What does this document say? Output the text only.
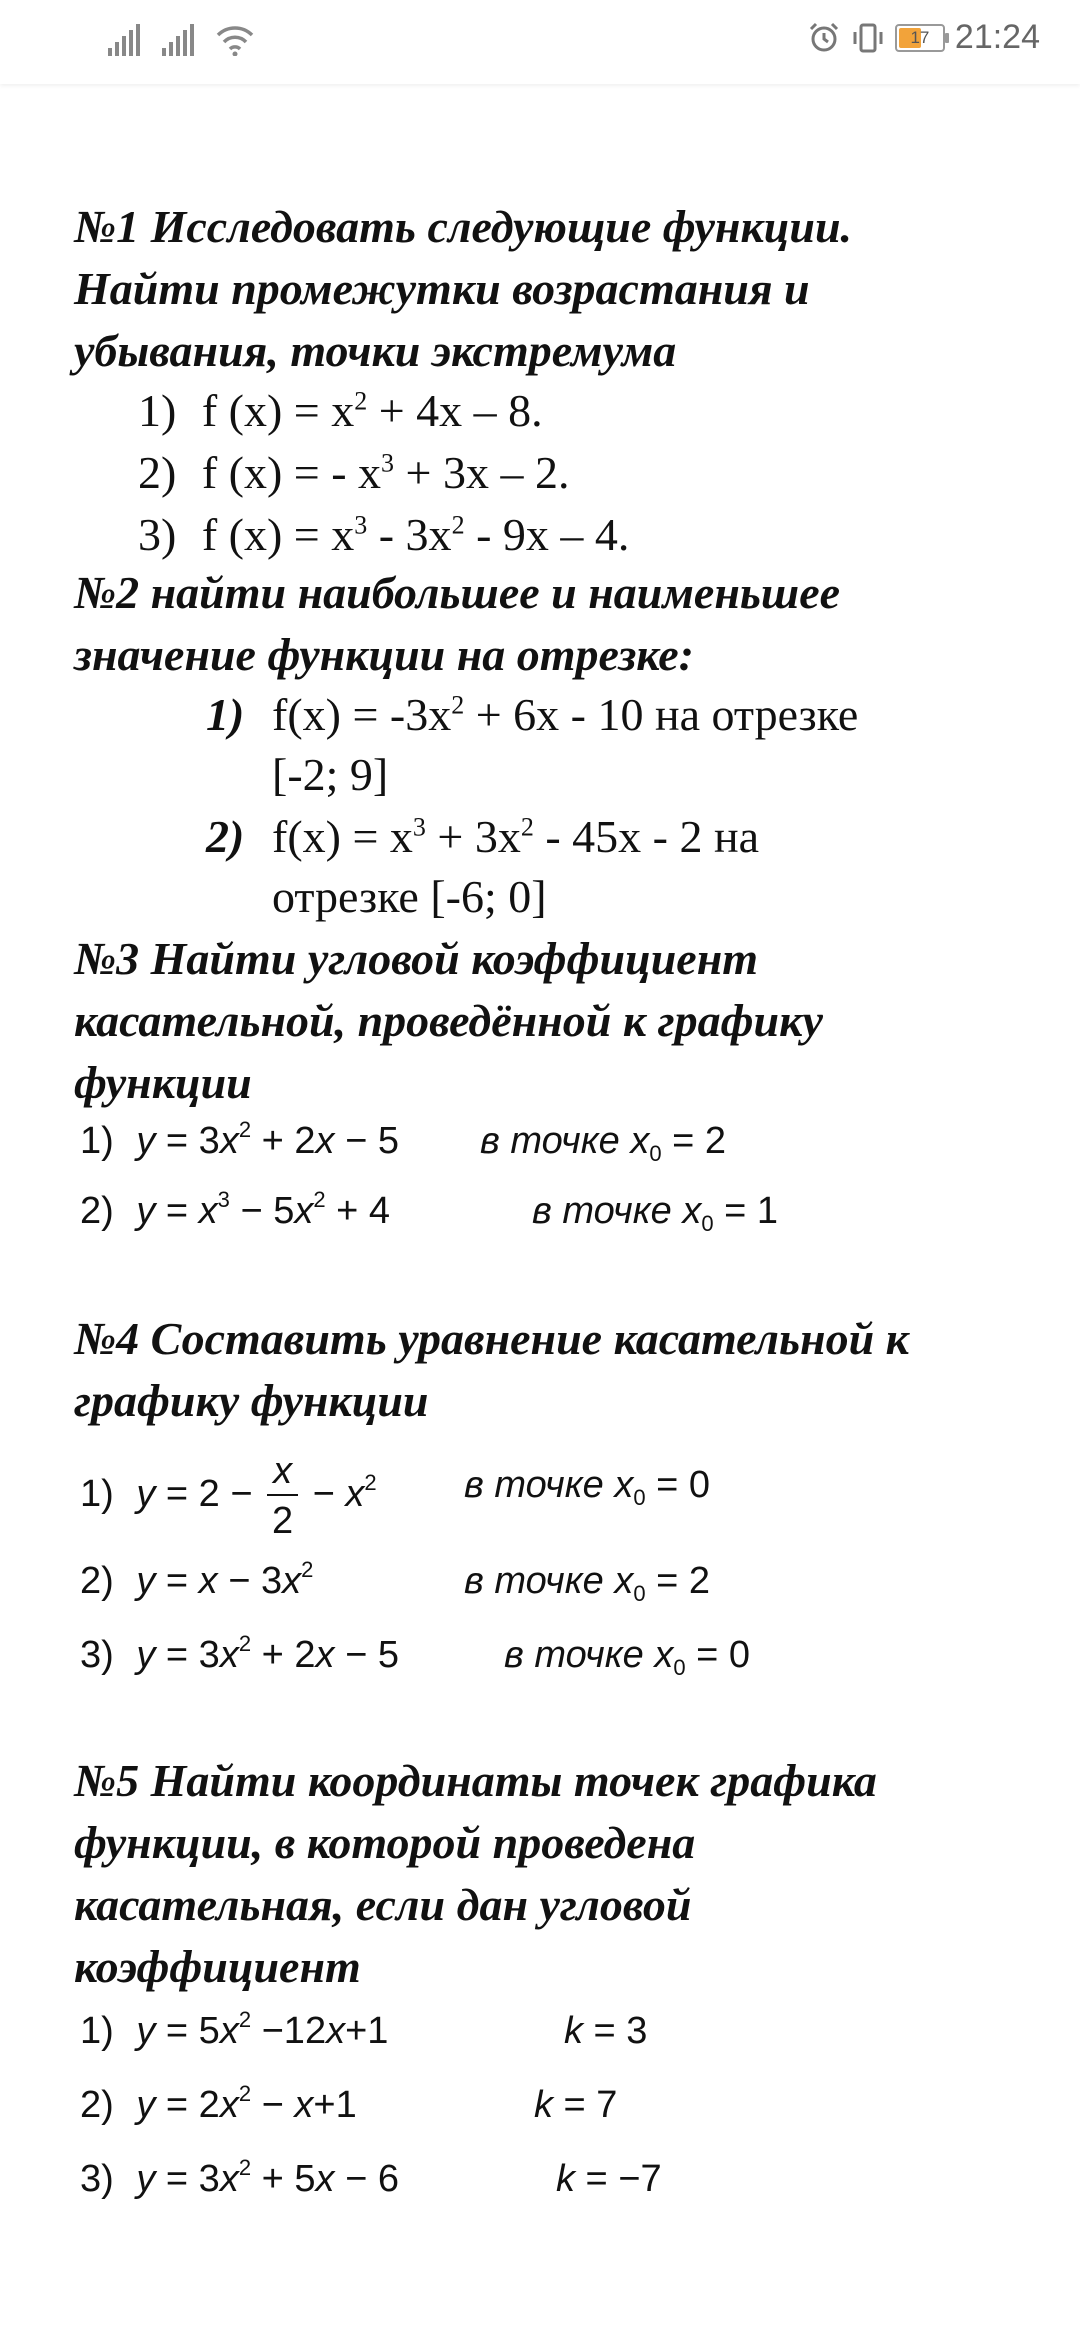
17 21:24
№1 Исследовать следующие функции.
Найти промежутки возрастания и
убывания, точки экстремума
1) f $(x) = x^2 + 4x - 8$.
2) f (x) = - $x^3 + 3x - 2$.
3) f $(x) = x^3 - 3x^2 - 9x - 4$.
№2 найти наибольшее и наименьшее
значение функции на отрезке:
1) $f(x) = -3x^2 + 6x - 10$ на отрезке
[-2; 9]
2) $f(x) = x^3 + 3x^2 - 45x - 2$ на
отрезке [-6; 0]
№3 Найти угловой коэффициент
касательной, проведённой к графику
функции
1) $y = 3x^2 + 2x - 5$ в точке $x_0 = 2$
2) $y = x^3 - 5x^2 + 4$	в точке $x_0 = 1$
№4 Составить уравнение касательной к
графику функции
1) $y = 2 - \frac{x}{2} - x^2$ в точке $x_0 = 0$
2) $y = x - 3x^2$	в точке $x_0 = 2$
3) $y = 3x^2 + 2x - 5$	в точке $x_0 = 0$
№5 Найти координаты точек графика
функции, в которой проведена
касательная, если дан угловой
коэффициент
1) $y = 5x^2 -12x+1$	k = 3
2) $y = 2x^2 - x+1$	k = 7
3) $y = 3x^2 + 5x - 6$	k = −7
